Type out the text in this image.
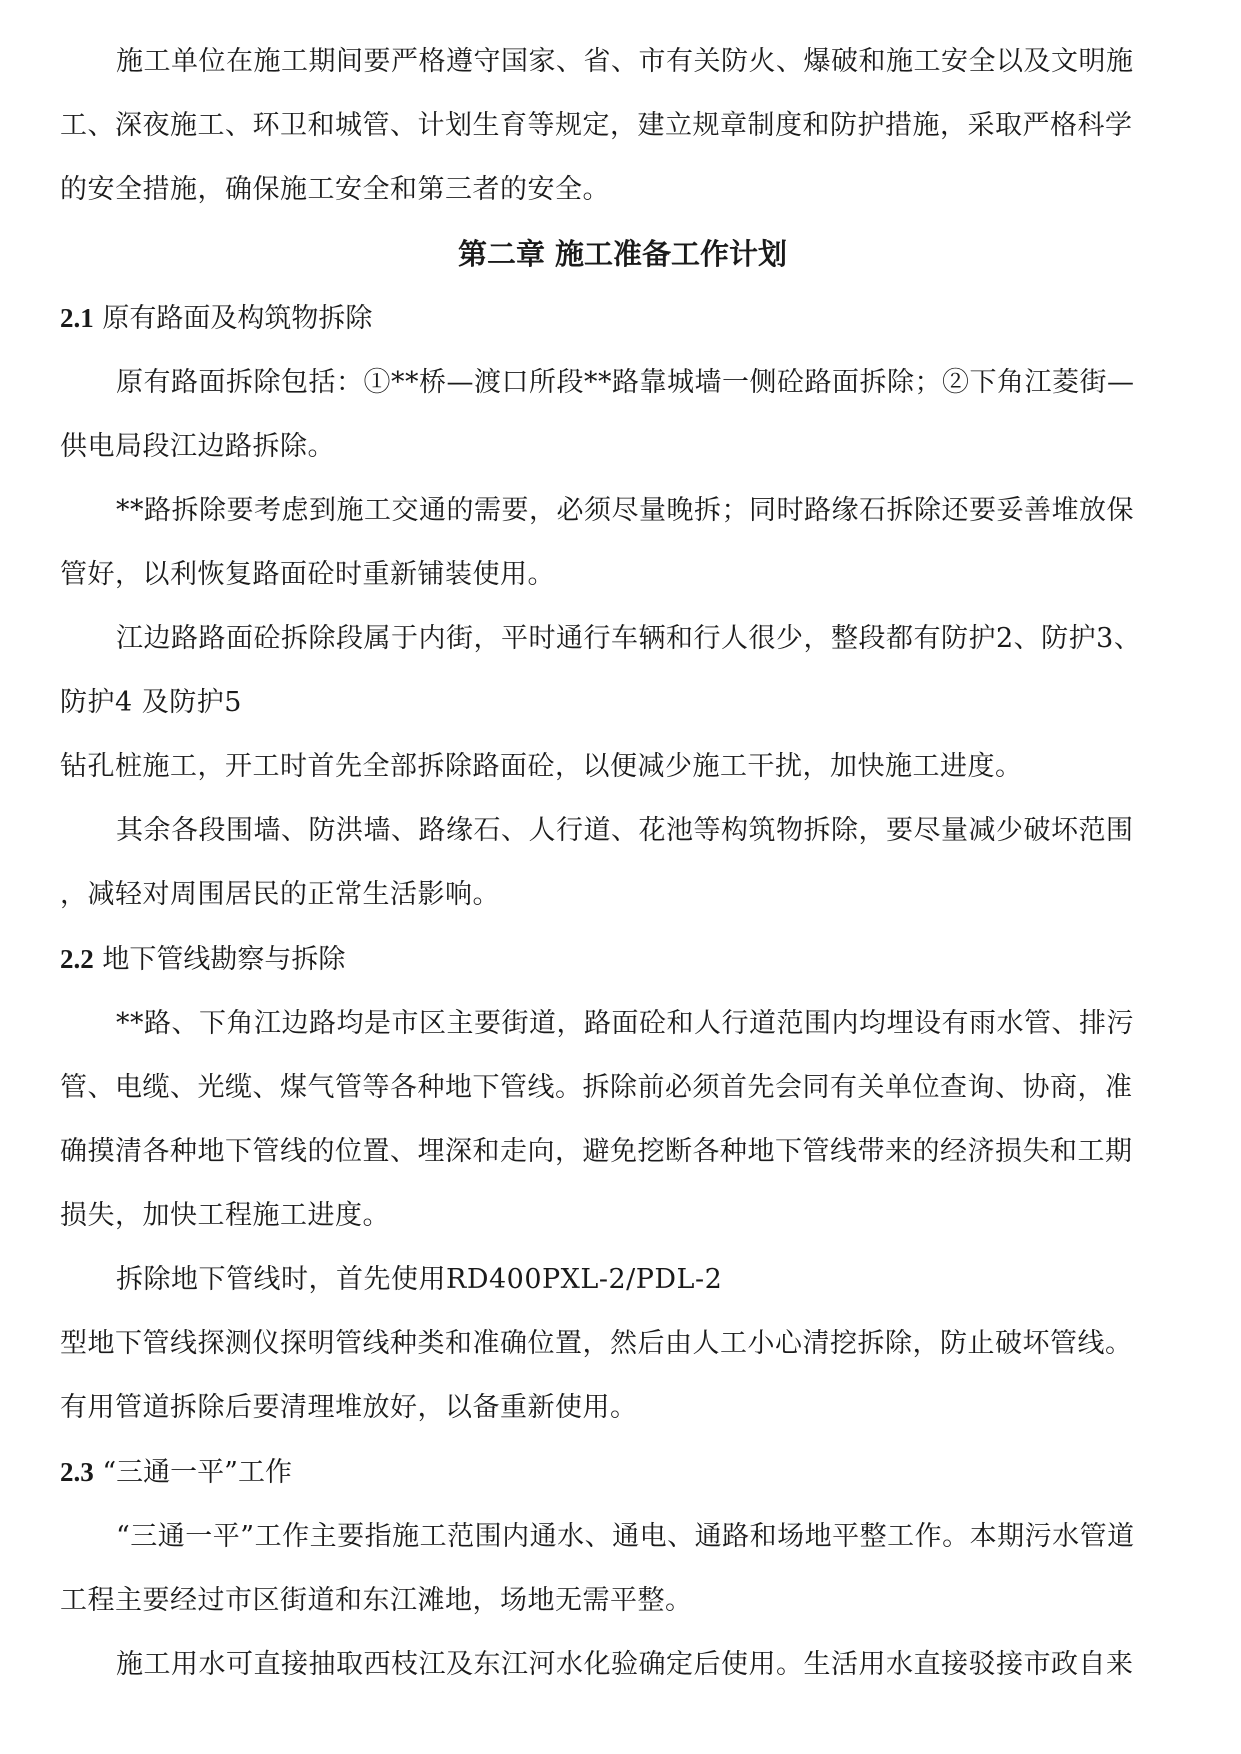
施工单位在施工期间要严格遵守国家、省、市有关防火、爆破和施工安全以及文明施
工、深夜施工、环卫和城管、计划生育等规定，建立规章制度和防护措施，采取严格科学
的安全措施，确保施工安全和第三者的安全。

第二章 施工准备工作计划

2.1 原有路面及构筑物拆除

原有路面拆除包括：①**桥—渡口所段**路靠城墙一侧砼路面拆除；②下角江菱街—
供电局段江边路拆除。

**路拆除要考虑到施工交通的需要，必须尽量晚拆；同时路缘石拆除还要妥善堆放保
管好，以利恢复路面砼时重新铺装使用。

江边路路面砼拆除段属于内街，平时通行车辆和行人很少，整段都有防护2、防护3、
防护4 及防护5
钻孔桩施工，开工时首先全部拆除路面砼，以便减少施工干扰，加快施工进度。

其余各段围墙、防洪墙、路缘石、人行道、花池等构筑物拆除，要尽量减少破坏范围
，减轻对周围居民的正常生活影响。

2.2 地下管线勘察与拆除

**路、下角江边路均是市区主要街道，路面砼和人行道范围内均埋设有雨水管、排污
管、电缆、光缆、煤气管等各种地下管线。拆除前必须首先会同有关单位查询、协商，准
确摸清各种地下管线的位置、埋深和走向，避免挖断各种地下管线带来的经济损失和工期
损失，加快工程施工进度。

拆除地下管线时，首先使用RD400PXL-2/PDL-2
型地下管线探测仪探明管线种类和准确位置，然后由人工小心清挖拆除，防止破坏管线。
有用管道拆除后要清理堆放好，以备重新使用。

2.3 “三通一平”工作

“三通一平”工作主要指施工范围内通水、通电、通路和场地平整工作。本期污水管道
工程主要经过市区街道和东江滩地，场地无需平整。

施工用水可直接抽取西枝江及东江河水化验确定后使用。生活用水直接驳接市政自来
